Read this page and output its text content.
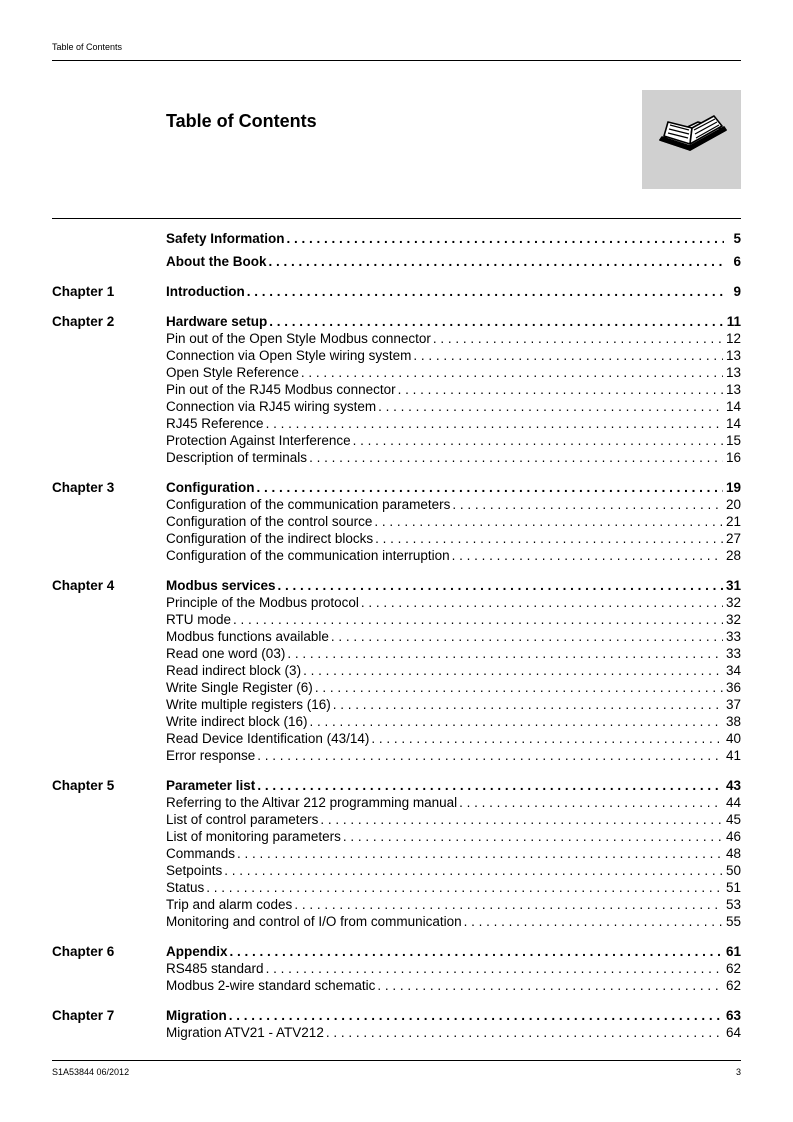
Table of Contents
Table of Contents
Safety Information . . .	5
About the Book . . .	6
Chapter 1	Introduction . . .	9
Chapter 2	Hardware setup . . .	11
Pin out of the Open Style Modbus connector . . .	12
Connection via Open Style wiring system . . .	13
Open Style Reference . . .	13
Pin out of the RJ45 Modbus connector . . .	13
Connection via RJ45 wiring system . . .	14
RJ45 Reference . . .	14
Protection Against Interference . . .	15
Description of terminals . . .	16
Chapter 3	Configuration . . .	19
Configuration of the communication parameters . . .	20
Configuration of the control source . . .	21
Configuration of the indirect blocks . . .	27
Configuration of the communication interruption . . .	28
Chapter 4	Modbus services . . .	31
Principle of the Modbus protocol . . .	32
RTU mode . . .	32
Modbus functions available . . .	33
Read one word (03) . . .	33
Read indirect block (3) . . .	34
Write Single Register (6) . . .	36
Write multiple registers (16) . . .	37
Write indirect block (16) . . .	38
Read Device Identification (43/14) . . .	40
Error response . . .	41
Chapter 5	Parameter list . . .	43
Referring to the Altivar 212 programming manual . . .	44
List of control parameters . . .	45
List of monitoring parameters . . .	46
Commands . . .	48
Setpoints . . .	50
Status . . .	51
Trip and alarm codes . . .	53
Monitoring and control of I/O from communication . . .	55
Chapter 6	Appendix . . .	61
RS485 standard . . .	62
Modbus 2-wire standard schematic . . .	62
Chapter 7	Migration . . .	63
Migration ATV21 - ATV212 . . .	64
S1A53844 06/2012	3
